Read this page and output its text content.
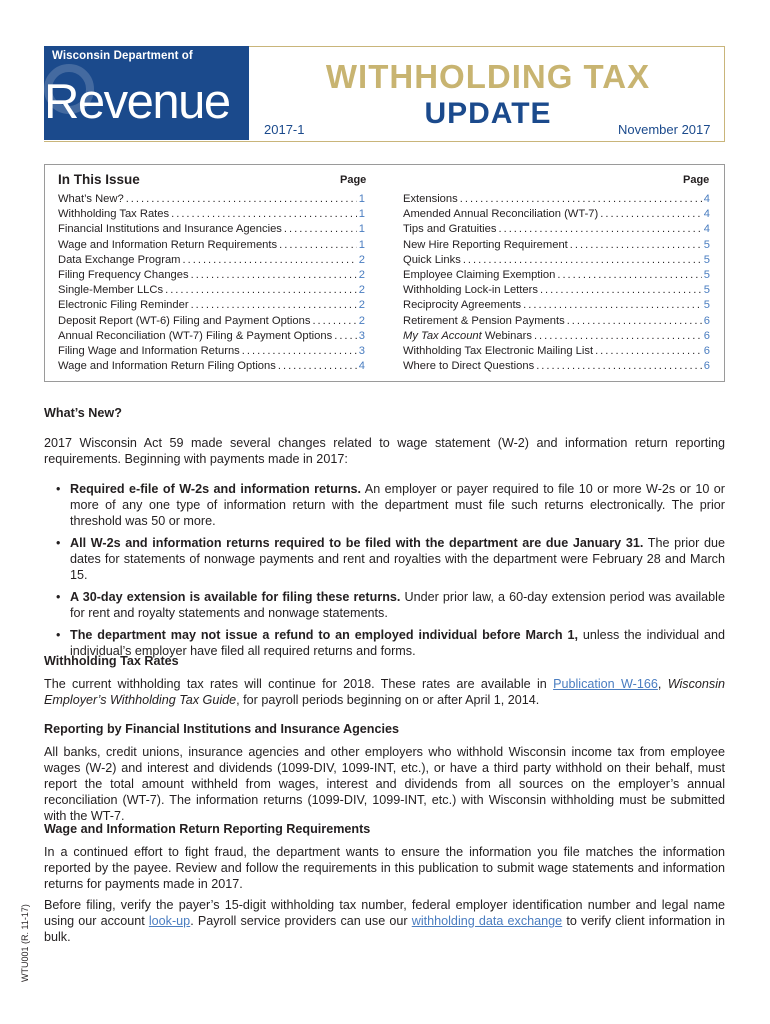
Wisconsin Department of
Revenue	WITHHOLDING TAX
UPDATE
2017-1	November 2017
In This Issue	Page	Page
What’s New? .....	1
Withholding Tax Rates .....	1
Financial Institutions and Insurance Agencies .....	1
Wage and Information Return Requirements .....	1
Data Exchange Program .....	2
Filing Frequency Changes .....	2
Single-Member LLCs .....	2
Electronic Filing Reminder .....	2
Deposit Report (WT-6) Filing and Payment Options .....	2
Annual Reconciliation (WT-7) Filing & Payment Options ..... 3
Filing Wage and Information Returns .....	3
Wage and Information Return Filing Options .....	4
Extensions .....	4
Amended Annual Reconciliation (WT-7) .....	4
Tips and Gratuities .....	4
New Hire Reporting Requirement .....	5
Quick Links .....	5
Employee Claiming Exemption .....	5
Withholding Lock-in Letters .....	5
Reciprocity Agreements .....	5
Retirement & Pension Payments .....	6
My Tax Account Webinars .....	6
Withholding Tax Electronic Mailing List .....	6
Where to Direct Questions .....	6
What’s New?
2017 Wisconsin Act 59 made several changes related to wage statement (W-2) and information return reporting requirements. Beginning with payments made in 2017:
• Required e-file of W-2s and information returns. An employer or payer required to file 10 or more W-2s or 10 or more of any one type of information return with the department must file such returns electronically. The prior threshold was 50 or more.
• All W-2s and information returns required to be filed with the department are due January 31. The prior due dates for statements of nonwage payments and rent and royalties with the department were February 28 and March 15.
• A 30-day extension is available for filing these returns. Under prior law, a 60-day extension period was available for rent and royalty statements and nonwage statements.
• The department may not issue a refund to an employed individual before March 1, unless the individual and individual’s employer have filed all required returns and forms.
Withholding Tax Rates
The current withholding tax rates will continue for 2018. These rates are available in Publication W-166, Wisconsin Employer’s Withholding Tax Guide, for payroll periods beginning on or after April 1, 2014.
Reporting by Financial Institutions and Insurance Agencies
All banks, credit unions, insurance agencies and other employers who withhold Wisconsin income tax from employee wages (W-2) and interest and dividends (1099-DIV, 1099-INT, etc.), or have a third party withhold on their behalf, must report the total amount withheld from wages, interest and dividends from all sources on the employer’s annual reconciliation (WT-7). The information returns (1099-DIV, 1099-INT, etc.) with Wisconsin withholding must be submitted with the WT-7.
Wage and Information Return Reporting Requirements
In a continued effort to fight fraud, the department wants to ensure the information you file matches the information reported by the payee. Review and follow the requirements in this publication to submit wage statements and information returns for payments made in 2017.
Before filing, verify the payer’s 15-digit withholding tax number, federal employer identification number and legal name using our account look-up. Payroll service providers can use our withholding data exchange to verify client information in bulk.
WTU001 (R. 11-17)
